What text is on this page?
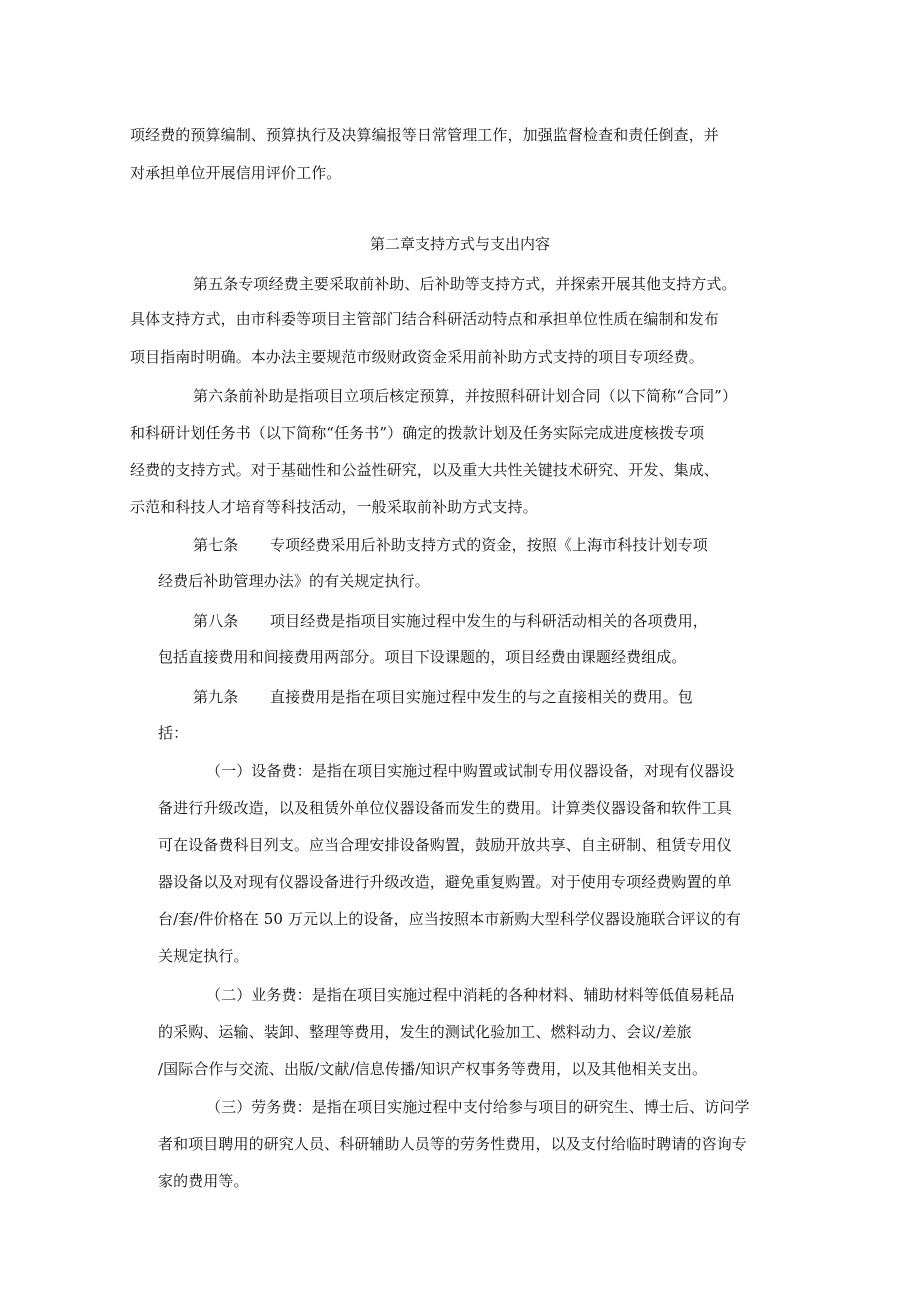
项经费的预算编制、预算执行及决算编报等日常管理工作，加强监督检查和责任倒查，并
对承担单位开展信用评价工作。
第二章支持方式与支出内容
第五条专项经费主要采取前补助、后补助等支持方式，并探索开展其他支持方式。
具体支持方式，由市科委等项目主管部门结合科研活动特点和承担单位性质在编制和发布
项目指南时明确。本办法主要规范市级财政资金采用前补助方式支持的项目专项经费。
第六条前补助是指项目立项后核定预算，并按照科研计划合同（以下简称“合同”）
和科研计划任务书（以下简称“任务书”）确定的拨款计划及任务实际完成进度核拨专项
经费的支持方式。对于基础性和公益性研究，以及重大共性关键技术研究、开发、集成、
示范和科技人才培育等科技活动，一般采取前补助方式支持。
第七条 专项经费采用后补助支持方式的资金，按照《上海市科技计划专项
经费后补助管理办法》的有关规定执行。
第八条 项目经费是指项目实施过程中发生的与科研活动相关的各项费用，
包括直接费用和间接费用两部分。项目下设课题的，项目经费由课题经费组成。
第九条 直接费用是指在项目实施过程中发生的与之直接相关的费用。包
括：
（一）设备费：是指在项目实施过程中购置或试制专用仪器设备，对现有仪器设
备进行升级改造，以及租赁外单位仪器设备而发生的费用。计算类仪器设备和软件工具
可在设备费科目列支。应当合理安排设备购置，鼓励开放共享、自主研制、租赁专用仪
器设备以及对现有仪器设备进行升级改造，避免重复购置。对于使用专项经费购置的单
台/套/件价格在 50 万元以上的设备，应当按照本市新购大型科学仪器设施联合评议的有
关规定执行。
（二）业务费：是指在项目实施过程中消耗的各种材料、辅助材料等低值易耗品
的采购、运输、装卸、整理等费用，发生的测试化验加工、燃料动力、会议/差旅
/国际合作与交流、出版/文献/信息传播/知识产权事务等费用，以及其他相关支出。
（三）劳务费：是指在项目实施过程中支付给参与项目的研究生、博士后、访问学
者和项目聘用的研究人员、科研辅助人员等的劳务性费用，以及支付给临时聘请的咨询专
家的费用等。
